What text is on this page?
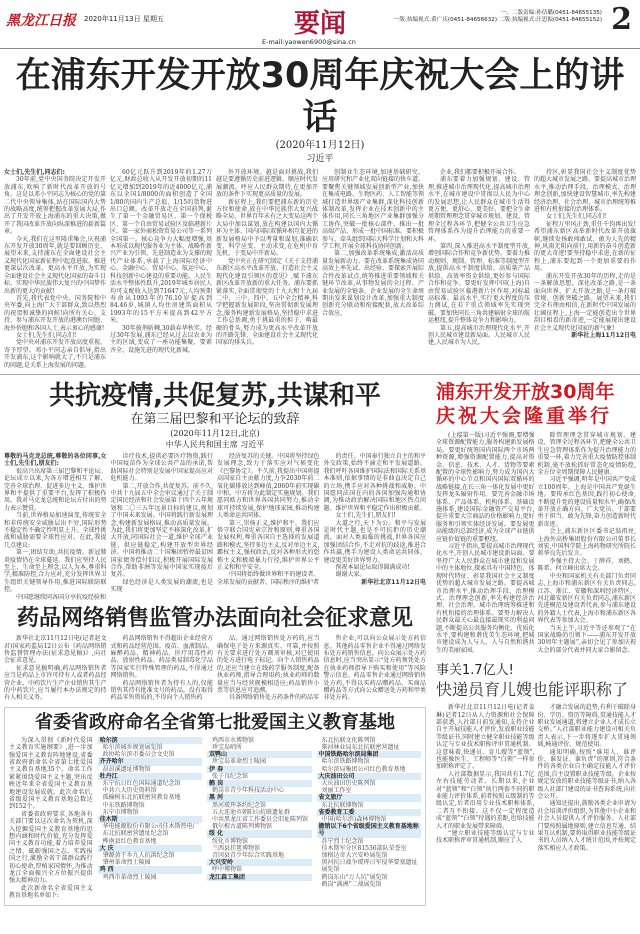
黑龙江日报 2020年11月13日 星期五	要闻
E-mail:yaowen6900@sina.cn
一、二版责编:孙佶璐(0451-84655135)
一版:执编视式:黄广庆(0451-84656632) 二版:执编视式:汪思振(0451-84655152) 2
在浦东开发开放30周年庆祝大会上的讲话
(2020年11月12日)
习近平

女士们,先生们,同志们:

30年前,党中央国务院决定开发开放浦东,吹响了新时代改革开放的号角。这是以邓小平同志为核心的党的第二代中央领导集体,站在国际国内大势的战略高度,统筹把握改革发展大局,作出了开发开放上海浦东的重大决策,掀开了我国改革开放向纵深推进的崭新篇章。

今天,我们在这里隆重集会,庆祝浦东开发开放30周年,就是要回顾历史、展望未来,支持浦东在全面建设社会主义现代化国家新征程中起意进取、推进更深层次改革、更高水平开放,为实现全面建设社会主义现代化国家的奋斗目标、实现中华民族伟大复兴的中国梦作出新的更大的贡献!

首先,我代表党中央、国务院和中央军委,向上海广大干部群众,致以热烈的祝贺和诚挚的问候!向所有关心、支持、参与浦东开发开放的港澳台同胞、海外侨胞和各国人士,表示衷心的感谢!

女士们,先生们,同志们!

党中央对浦东开发开放高度重视、寄予厚望。邓小平同志亲自倡导,指出开发浦东,这个影响就大了,不只是浦东的问题,是关系上海发展的问题。

60亿元跃升到2019年的1.27万亿元,财政总收入从开发开放初期的11亿元增加到2019年的近4000亿元,浦东以全国1/8000的面积创造了全国1/80的国内生产总值、1/15的货物进出口总额。改革开放走在全国前列,诞生了第一个金融贸易区、第一个保税区、第一个自由贸易试验区及临港新片区、第一家外商独资贸易公司等一系列全国第一。核心竞争力大幅度增强,基本形成以现代服务业为主体、战略性新兴产业为引领、先进制造业为支撑的现代产业体系,承载了上海国际经济中心、金融中心、贸易中心、航运中心、科技创新中心建设的重要功能。人民生活水平整体性跃升,2019年城乡居民人均可支配收入达到71647元,人均预期寿命从1993年的76.10岁提高到84.46岁,城镇人均住房建筑面积从1993年的15平方米提高到42平方米。

30年披荆斩棘,30载春华秋实。经过30年发展,浦东已经从过去以农业为主的区域,变成了一座功能集聚、要素齐全、设施先进的现代化新城。

外开放环境。越是面对挑战,我们越是要遵循历史前进逻辑、顺应时代发展潮流、呼应人民群众期待,在更加开放的条件下实现更高质量的发展。

新征程上,我们要把浦东新的历史方位和使命,放在中华民族伟大复兴战略全局、世界百年未有之大变局这两个大局中加以谋划,放在构建以国内大循环为主体、国内国际双循环相互促进的新发展格局中予以考量和谋划,准确识变、科学应变、主动求变,在危机中育先机、于变局中开新局。

党中央正在研究制定《关于支持浦东新区高水平改革开放、打造社会主义现代化建设引领区的意见》,赋予浦东新区改革开放新的重大任务。浦东要抓紧落实,全面贯彻党的十九大和十九届二中、三中、四中、五中全会精神,科学把握新发展阶段,坚决贯彻新发展理念,服务构建新发展格局,坚持稳中求进工作总基调,勇于挑最重的担子、啃最硬的骨头,努力成为更高水平改革开放的开路先锋、全面建设社会主义现代化国家的排头兵。

创制业生态环境,加速基础研究、应用研究和产业化双向链接的快车道。要聚焦关键领域发展创新型产业,加快在集成电路、生物医药、人工智能等领域打造世界级产业集群,深化科技创新体制改革,发挥企业在技术创新中的主体作用,同长三角地区产业集群加强分工协作,突破一批核心部件、推出一批高端产品、形成一批中国标准。要积极参与、牵头组织国际大科学计划和大科学工程,开展全球科技协同创新。

第二,加强改革系统集成,激活高质量发展新动力。要在改革系统集成协同高效上率先试、出经验。要探索开展综合性改革试点,统筹推进重要领域和关键环节改革,从事物发展的全过程、产业发展的全链条、企业发展的全生命周期出发来谋划设计改革,加强重大制度创新充分联动和衔接配套,放大改革综合效应。

企业,我们都要积极开展合作。

浦东要着力加强规划、建设、管理,推进城市治理现代化,提高城市治理水平,在城市建设中贯彻以人民为中心的发展思想,让人民群众在城市生活得更方便、更舒心、更美好。要把全生命周期管理理念贯穿城市规划、建设、管理全过程各环节,把健全公共卫生应急管理体系作为提升治理能力的重要一环。

第四,深入推进高水平制度型开放,增创国际合作和竞争新优势。要着力推动规则、规制、管理、标准等制度型开放,提供高水平制度供给、高质量产品供给、高效率资金供给,更好参与国际合作和竞争。要更好发挥中国(上海)自由贸易试验区临港新片区作用,对标最高标准、最高水平,实行更大程度的压力测试,在若干重点领域率先实现突破。要加快同长三角共建辐射全球的航运枢纽,提升整体竞争力和影响力。

第五,提高城市治理现代化水平,开创人民城市建设新局面。人民城市人民建,人民城市为人民。

持区,彰显我国社会主义制度优势的超大城市发展之路。要提高城市治理水平,推动治理手段、治理模式、治理理念创新,加快建设智慧城市,率先构建经济治理、社会治理、城市治理统筹推进和有机衔接的治理体系。

女士们,先生们,同志们!

征程万里风正劲,重任千钧再出发!希望浦东新区高举新时代改革开放旗帜,继续发扬敢闯敢试、敢为人先的精神,风雨无阻向前行,用新的奋斗创造新的更大奇迹!要坚持稳中求进,在新的征程上,浦东要起到一个更加重要的作用。

浦东开发开放30年的历程,走的是一条解放思想、深化改革之路,是一条面向世界、扩大开放之路,是一条打破常规、创新突破之路。展望未来,我们完全有理由相信,在新时代中国发展的壮阔征程上,上海一定能创造出令世界刮目相看的新奇迹,一定能展现出建设社会主义现代化国家的新气象!

新华社上海11月12日电
共抗疫情,共促复苏,共谋和平
在第三届巴黎和平论坛的致辞
(2020年11月12日,北京)
中华人民共和国主席 习近平

尊敬的马克龙总统,尊敬的各位同事,女士们,先生们,朋友们:

很高兴出席第三届巴黎和平论坛。论坛成立以来,为各方增进相互了解、完善全球治理、促进多边主义、维护世界和平提供了重要平台,发挥了积极作用。我对马克龙总统和论坛方付出的努力表示赞赏。

当前,世界格局加速演变,传统安全和非传统安全威胁层出不穷,国际形势不稳定性不确定性明显上升。全球性挑战和威胁需要全球性应对。在此,我提几点建议:

第一,团结互助,共抗疫情。新冠肺炎疫情仍在全球蔓延。我们应坚持人民至上、生命至上理念,以人为本,尊重科学,精准防控,合力应对,充分发挥世界卫生组织关键领导作用,推进国际联防联控。

中国愿继续同各国分享抗疫经验和

诊疗技术,提供必要医疗物资,践行中国疫苗作为全球公共产品的承诺,帮助国际社会特别是发展中国家提高应对危机能力。

第二,开放合作,共促复苏。前不久,中共十九届五中全会审议通过了关于制定国民经济和社会发展第十四个五年规划和二〇三五年远景目标的建议,规划了中国未来发展。中国将践行新发展理念,构建新发展格局,推动高质量发展。为此,我们将更加坚定不移深化改革,扩大开放,同国际社会一道,维护全球产业链、供应链稳定,构建开放型世界经济。中国将推动二十国集团暂停最贫困国家债务偿付倡议,积极开展国际发展合作,帮助非洲等发展中国家实现疫后复苏。

绿色经济是人类发展的潮流,也是实现

经济复苏的关键。中国将坚持绿色发展理念,致力于落实应对气候变化《巴黎协定》。不久前,我提出中国将提高国家自主贡献力度,力争2030年前二氧化碳排放达到峰值,2060年前实现碳中和。中方将为此制定实施规划。我们愿同欧方和世界各国共同努力,推动全球可持续发展,保护地球家园,推动构建人类命运共同体。

第三,崇扬正义,维护和平。我们应恪守联合国宪章宗旨和原则,尊重各国发展权利,尊重各国自主选择的发展道路和模式,坚持多边主义,反对单边主义,霸权主义,强权政治,反对各种形式的恐怖主义和极端暴力行径,维护世界公平正义和和平安全。

中国将始终做世界和平的建设者、全球发展的贡献者、国际秩序的维护者

的责任。中国奉行独立自主的和平外交政策,始终不渝走和平发展道路。我们呼吁各国维护国际法和国际关系基本准则,依据事情的是非曲直决定自己的立场,携手应对各种挑战和威胁。中国愿同法国在内的各国加强沟通和协调,为推动政治解决国际和地区热点问题、维护世界和平稳定作出积极贡献。

女士们,先生们,朋友们!

大道之行,天下为公。和平与发展是时代主题,也是不可抗拒的历史潮流。面对人类面临的挑战,世界各国应加强团结合作,不走对抗的歧途,推进合作共赢,携手为建设人类命运共同体、建设更美好世界努力。

预祝本届论坛取得圆满成功!

谢谢大家。

新华社北京11月12日电
药品网络销售监管办法面向社会征求意见

新华社北京11月12日电(记者赵文君)国家药监局12日公布《药品网络销售监督管理办法(征求意见稿)》,向社会征求意见。

征求意见稿明确,药品网络销售者应当是药品上市许可持有人或者药品经营企业。中药饮片生产企业销售其生产的中药饮片,应当履行本办法规定的持有人相关义务。

药品网络销售不得超出企业经营方式和药品经营范围。疫苗、血液制品、麻醉药品、精神药品、医疗用毒性药品、放射性药品、药品类易制毒化学品等国家实行特殊管理的药品,不得通过网络销售。

药品网络销售者为持有人的,仅能销售其持有批准文号的药品。没有取得药品零售资质的,不得向个人销售药

品。通过网络销售处方药的,应当确保电子处方来源真实、可靠,并按照有关要求进行处方调剂审核,对已使用的处方进行电子标记。向个人销售药品的,还应当建立在线药学服务制度,配备执业药师,指导合理用药;执业药师的数量应当与经营规模相适应;药品销售小票等信息应可追溯。

具备网络销售处方药条件的药品零

售企业,可以向公众展示处方药信息。其他药品零售企业不得通过网络发布处方药销售信息。向公众展示处方药信息时,应当突出显示“处方药须凭处方在执业药师指导下购买和使用”等风险警示信息。药品零售企业通过网络销售处方药,不得以买药品赠药品、买商品赠药品等方式向公众赠送处方药和甲类非处方药。

省委省政府命名全省第七批爱国主义教育基地

为深入贯彻《新时代爱国主义教育实施纲要》,进一步加强爱国主义教育阵地建设,省委省政府新命名全省第七批爱国主义教育基地35个。命名工作紧紧围绕爱国主义主题,突出反映近年来全省爱国主义教育基地建设发展成就。此次命名后,省级爱国主义教育基地总数达到152个。

省委省政府要求,各地各有关部门要以这次命名为契机,深入挖掘爱国主义教育基地的思想内涵和时代价值,充分发挥爱国主义教育功能,着力培养爱国之情、砥砺强国之志、实践报国之行,激励全省干部群众践行初心使命,厚植家国情怀,为推动龙江全面振兴全方位振兴提供强大精神动力。

此次新命名全省爱国主义教育基地名单如下:

哈尔滨
哈尔滨城乡规划展览馆
政协哈尔滨市委员会文史馆
齐齐哈尔
昂昂溪遗址博物馆
牡丹江
东宁抗日红色国际通道纪念馆
中共六大历史资料馆
孤榆树东北抗联密营教育基地
中东铁路博物馆
东宁市博物馆
佳木斯
华电能源股份有限公司佳木斯热电厂
东北抗联密营遗址纪念馆
桦南县红色教育基地
大 庆
肇源黄干乡九人抗洪纪念馆
肇州革命烈士陵园
鸡 西
鸡西市革命烈士陵园
鸡西市水博物馆
珍宝岛哨所
双鸭山
珍宝岛革命烈士陵园
伊 春
张子良纪念馆
鹤 岗
鹤岗市青少年科技活动中心
黑 河
黑河瑷珲条约纪念馆
五大连池市朝阳山抗联遗址群
中共黑龙江省工作委员会旧址陈列馆
俄尔根古道陈列博物馆
绥 化
绥化市博物馆
兰西县挂毯博物馆
青冈县青少年综合实践基地
大兴安岭
呼中博物馆
龙江森工集团
东北抗联文化陈列馆
柴河林业局东北抗联密营遗址
中国铁路哈尔滨局集团
哈尔滨铁路博物馆
哈尔滨局集团公司红色教育基地
大庆油田公司
大庆油田历史陈列馆
刘丽工作室
省文旅厅
东北抗联博物馆
省委教育工委
中国(哈尔滨)森林博物馆
撤销以下6个省级爱国主义教育基地称号
苏宁烈士纪念馆
佳木斯军分区81536部队荣誉室
加格达奇大兴安岭展览馆
黑河抗日战争瑷珲日军侵华要塞遗址展览馆
鹤岗东山“万人坑”展览馆
鹤岗“满洲”二战展览馆
浦东开发开放30周年
庆祝大会隆重举行

(上接第一版)习近平强调,要增强全球资源配置能力,服务构建新发展格局。要更好统筹国内国际两个市场两种资源,增强资源配置能力,提高对资金、信息、技术、人才、货物等要素配置的全球性影响力,努力成为国内大循环的中心节点和国内国际双循环的战略链接,在长三角一体化发展中更好发挥龙头辐射作用。要完善金融市场体系、产品体系、机构体系、基础设施体系,建设国际金融资产交易平台,提升重要大宗商品的价格影响力,更好服务和引领实体经济发展。要发展更高能级的总部经济,成为全球产业链供应链价值链的重要枢纽。

习近平指出,要提高城市治理现代化水平,开创人民城市建设新局面。要坚持广大人民群众在城市建设和发展中的主体地位,探索具有中国特色、体现时代特征、彰显我国社会主义制度优势的超大城市发展之路。要提高城市治理水平,推动治理手段、治理模式、治理理念创新,率先构建经济治理、社会治理、城市治理统筹推进和有机衔接的治理体系。要努力解决人民群众最关心最直接最现实的利益问题,不断提高公共服务均衡化、优质化水平,要构建和谐优美生态环境,把城市建设成为人与人、人与自然和谐共生的美丽家园。

除管理理念贯穿城市规划、建设、管理全过程各环节,把健全公共卫生应急管理体系作为提升治理能力的重要一环,着力完善重大疫情防控体制机制,毫不放松抓好常态化疫情防控,全方位全周期保障人民健康。

习近平强调,明年是中国共产党成立100周年。上海是中国共产党诞生地。要传承红色基因,践行初心使命,不断提升党的建设质量和水平,确保改革开放正确方向。广大党员、干部要勇于担当、敢为先锋,奋力创造新时代新奇迹。

会上,浦东新区区委书记翁祖亮,上海外高桥集团股份有限公司董事长刘宏,中国科学院上海药物研究所院长蒋华良先后发言。

李强主持大会。丁薛祥、刘鹤、陈希、何立峰出席大会。

中央和国家机关有关部门负责同志,上海市和浦东新区有关负责同志,江苏、浙江、安徽和深圳经济特区、河北雄安新区有关负责同志,浦东新区先进模范及建设者代表,参与浦东建设的外籍人士代表,上海市和浦东新区各界代表等参加大会。

当天上午,习近平等还参观了“在国家战略的引领下——浦东开发开放30周年主题展”,亲切会见了参加庆祝大会的部分代表并同大家合影留念。

事关1.7亿人!
快递员育儿嫂也能评职称了

新华社北京11月12日电(记者姜琳)记者12日从人力资源和社会保障部获悉,人社部日前发通知,支持企业自主开展技能人才评价,发放职业技能等级证书,同时建立健全职业技能等级认定与专业技术职称评审贯通机制。这意味着,快递员、育儿嫂等“蓝领”,也能像医生、工程师等“白领”一样参加职称评定了。

人社部数据显示,我国共有1.7亿左右技能劳动者。长期以来,企业对“蓝领”和“白领”执行两套不同的职业能力评价体系,前者按照五级制的等级认定,后者沿用专业技术职称体系,二者互不衔接。这不仅一定程度造成“蓝领”“白领”待遇的差距,也给技能人才的职业发展带来障碍。

“建立职业技能等级认定与专业技术职称评审贯通机制,顺应了人

才融合发展的趋势,有利于破除身份、学历、资历等障碍,贯通技能人才职业发展通道,将建立企业人才成长立交桥。”人社部职业能力建设司相关负责人表示,下一步将逐步扩大贯通领域,畅通评价、规范使用。

通知明确,按照“谁用人、谁评价、谁发证、谁负责”的原则,符合条件的各类企业自主确定技能人才评价范围,自主设置职业技能等级。企业按规定发放的职业技能等级证书,纳入各级人社部门建设的证书查询系统,向社会公开。

通知还提出,鼓励各类企业申请为社会培训评价组织,为其他中小企业和社会人员提供人才评价服务。人社部门要按照属地原则,建立信息互通、结果互认机制,要将取得职业技能等级证书的人员纳入人才统计范围,并按规定落实相应人才政策。
